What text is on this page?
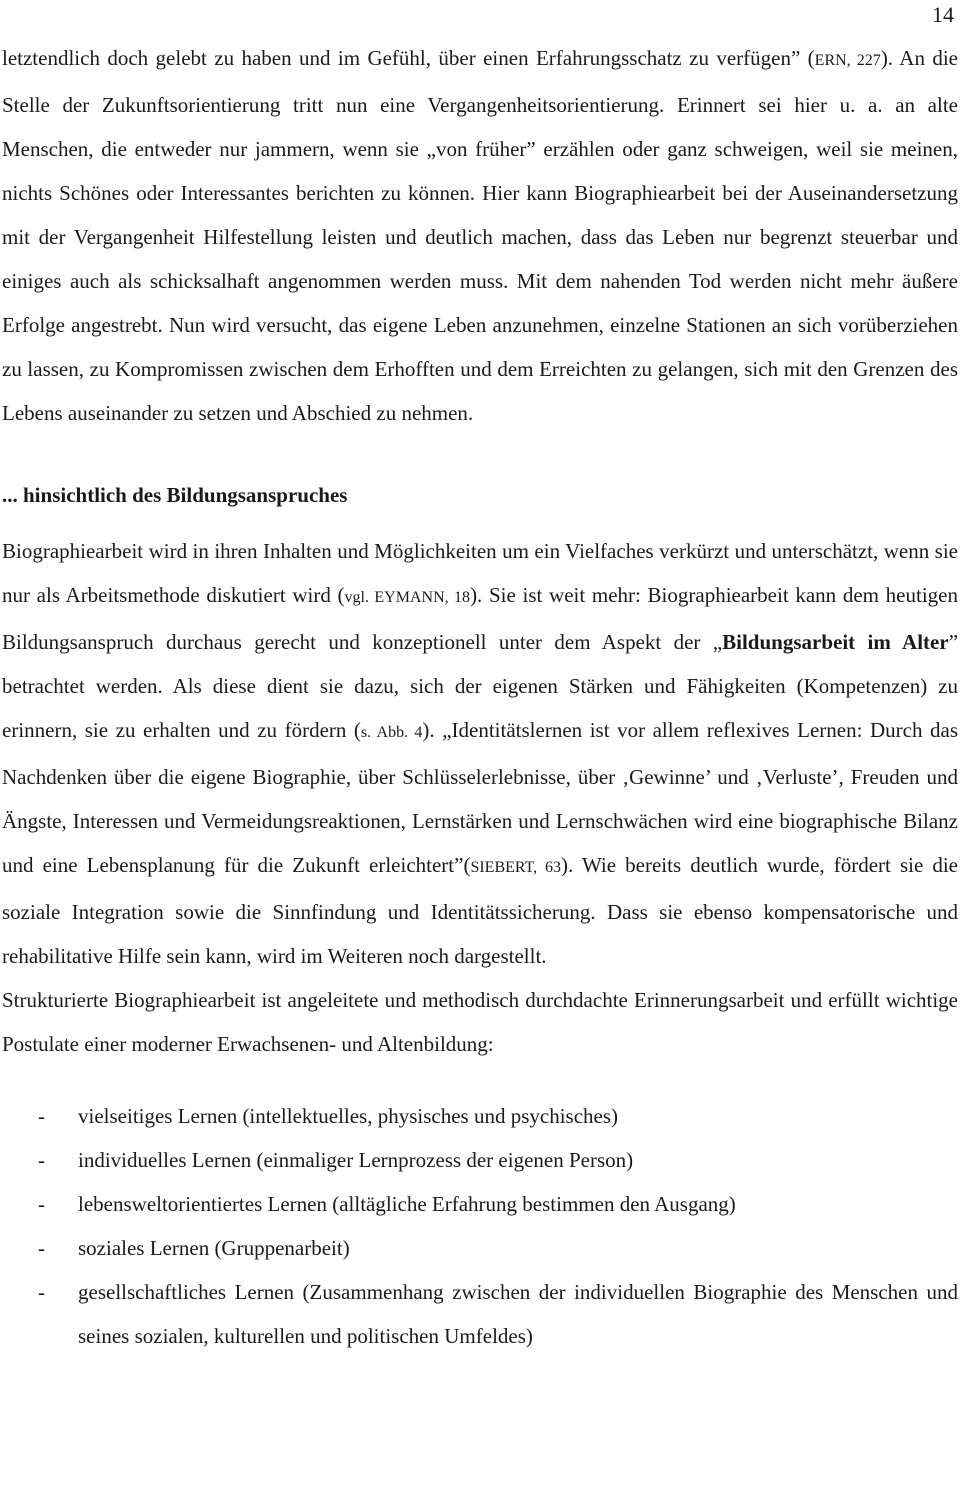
14

letztendlich doch gelebt zu haben und im Gefühl, über einen Erfahrungsschatz zu verfügen” (ERN, 227). An die Stelle der Zukunftsorientierung tritt nun eine Vergangenheitsorientierung. Erinnert sei hier u. a. an alte Menschen, die entweder nur jammern, wenn sie „von früher” erzählen oder ganz schweigen, weil sie meinen, nichts Schönes oder Interessantes berichten zu können. Hier kann Biographiearbeit bei der Auseinandersetzung mit der Vergangenheit Hilfestellung leisten und deutlich machen, dass das Leben nur begrenzt steuerbar und einiges auch als schicksalhaft angenommen werden muss. Mit dem nahenden Tod werden nicht mehr äußere Erfolge angestrebt. Nun wird versucht, das eigene Leben anzunehmen, einzelne Stationen an sich vorüberziehen zu lassen, zu Kompromissen zwischen dem Erhofften und dem Erreichten zu gelangen, sich mit den Grenzen des Lebens auseinander zu setzen und Abschied zu nehmen.

... hinsichtlich des Bildungsanspruches

Biographiearbeit wird in ihren Inhalten und Möglichkeiten um ein Vielfaches verkürzt und unterschätzt, wenn sie nur als Arbeitsmethode diskutiert wird (vgl. EYMANN, 18). Sie ist weit mehr: Biographiearbeit kann dem heutigen Bildungsanspruch durchaus gerecht und konzeptionell unter dem Aspekt der „Bildungsarbeit im Alter” betrachtet werden. Als diese dient sie dazu, sich der eigenen Stärken und Fähigkeiten (Kompetenzen) zu erinnern, sie zu erhalten und zu fördern (s. Abb. 4). „Identitätslernen ist vor allem reflexives Lernen: Durch das Nachdenken über die eigene Biographie, über Schlüsselerlebnisse, über ‚Gewinne’ und ‚Verluste’, Freuden und Ängste, Interessen und Vermeidungsreaktionen, Lernstärken und Lernschwächen wird eine biographische Bilanz und eine Lebensplanung für die Zukunft erleichtert”(SIEBERT, 63). Wie bereits deutlich wurde, fördert sie die soziale Integration sowie die Sinnfindung und Identitätssicherung. Dass sie ebenso kompensatorische und rehabilitative Hilfe sein kann, wird im Weiteren noch dargestellt.

Strukturierte Biographiearbeit ist angeleitete und methodisch durchdachte Erinnerungsarbeit und erfüllt wichtige Postulate einer moderner Erwachsenen- und Altenbildung:

- vielseitiges Lernen (intellektuelles, physisches und psychisches)
- individuelles Lernen (einmaliger Lernprozess der eigenen Person)
- lebensweltorientiertes Lernen (alltägliche Erfahrung bestimmen den Ausgang)
- soziales Lernen (Gruppenarbeit)
- gesellschaftliches Lernen (Zusammenhang zwischen der individuellen Biographie des Menschen und seines sozialen, kulturellen und politischen Umfeldes)
